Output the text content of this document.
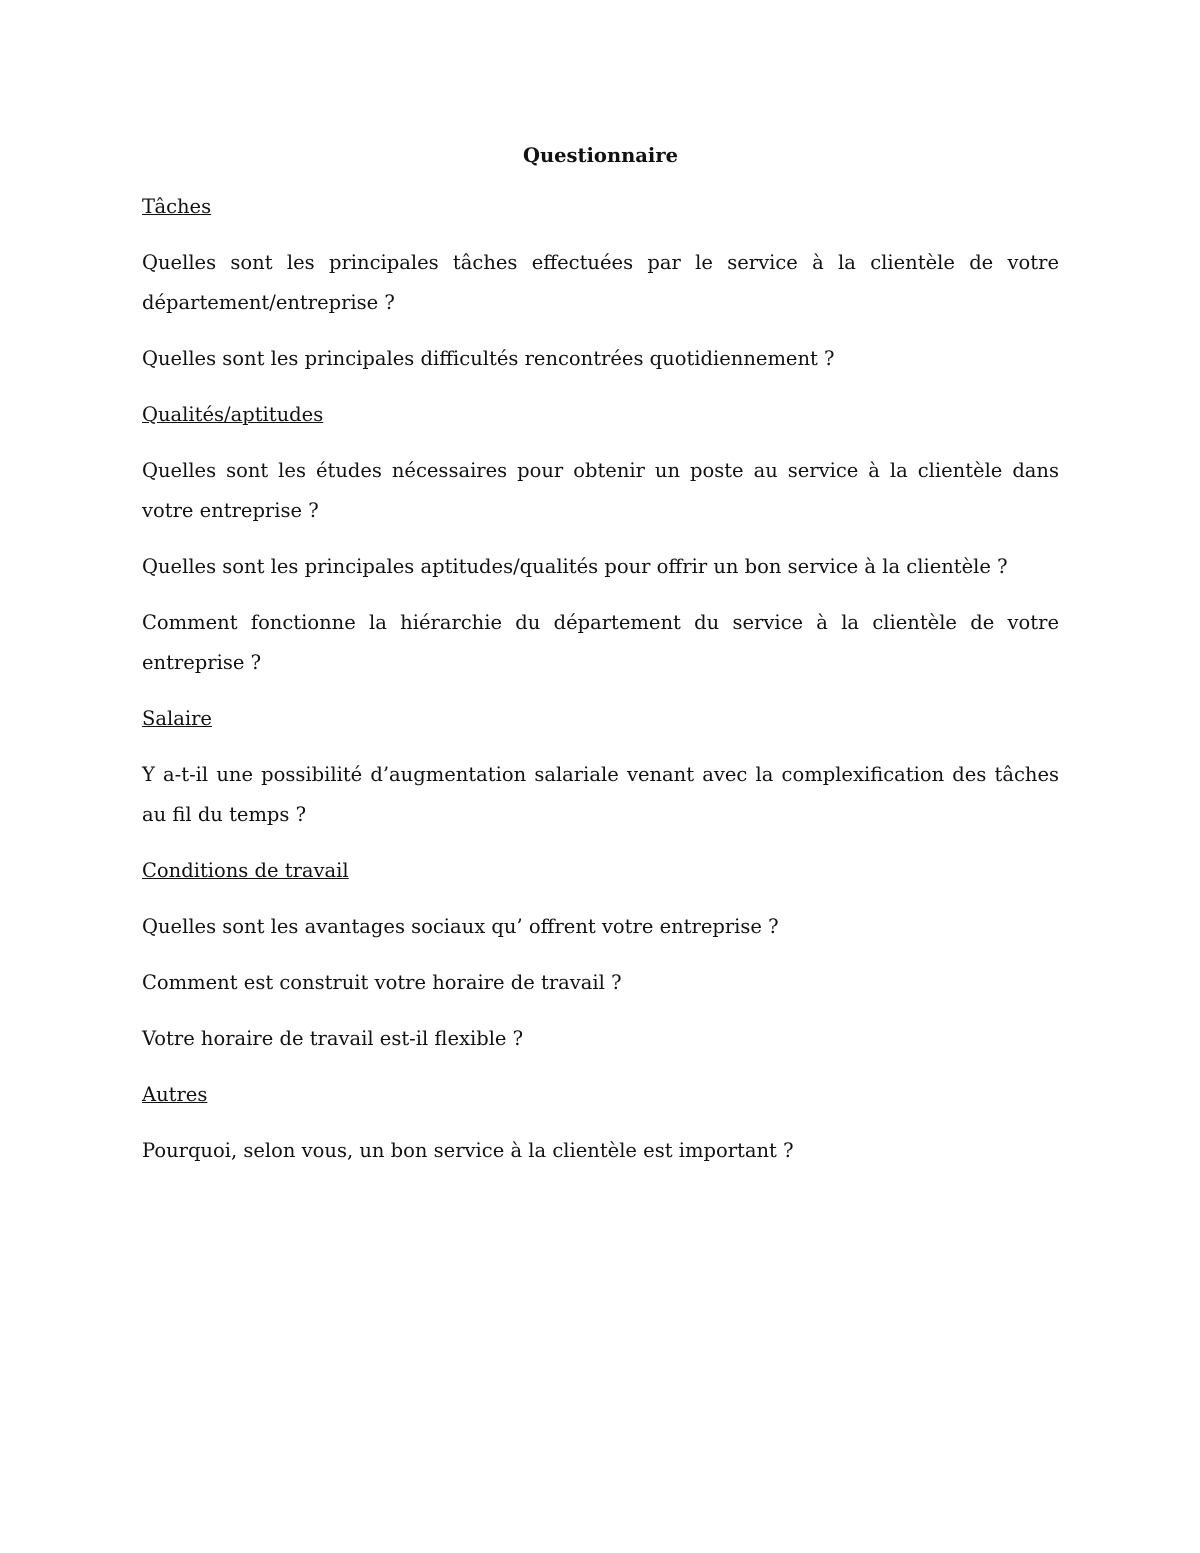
Questionnaire
Tâches
Quelles sont les principales tâches effectuées par le service à la clientèle de votre département/entreprise ?
Quelles sont les principales difficultés rencontrées quotidiennement ?
Qualités/aptitudes
Quelles sont les études nécessaires pour obtenir un poste au service à la clientèle dans votre entreprise ?
Quelles sont les principales aptitudes/qualités pour offrir un bon service à la clientèle ?
Comment fonctionne la hiérarchie du département du service à la clientèle de votre entreprise ?
Salaire
Y a-t-il une possibilité d’augmentation salariale venant avec la complexification des tâches au fil du temps ?
Conditions de travail
Quelles sont les avantages sociaux qu’ offrent votre entreprise ?
Comment est construit votre horaire de travail ?
Votre horaire de travail est-il flexible ?
Autres
Pourquoi, selon vous, un bon service à la clientèle est important ?
